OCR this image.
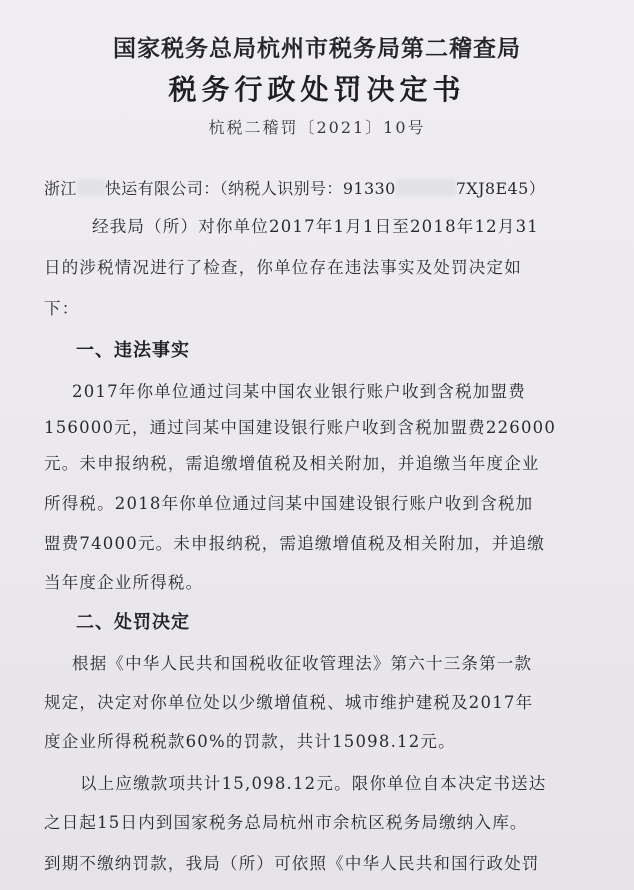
国家税务总局杭州市税务局第二稽查局
税务行政处罚决定书
杭税二稽罚〔2021〕10号
浙江 快运有限公司：（纳税人识别号：91330	7XJ8E45）
经我局（所）对你单位2017年1月1日至2018年12月31
日的涉税情况进行了检查，你单位存在违法事实及处罚决定如
下：
一、违法事实
2017年你单位通过闫某中国农业银行账户收到含税加盟费
156000元，通过闫某中国建设银行账户收到含税加盟费226000
元。未申报纳税，需追缴增值税及相关附加，并追缴当年度企业
所得税。2018年你单位通过闫某中国建设银行账户收到含税加
盟费74000元。未申报纳税，需追缴增值税及相关附加，并追缴
当年度企业所得税。
二、处罚决定
根据《中华人民共和国税收征收管理法》第六十三条第一款
规定，决定对你单位处以少缴增值税、城市维护建税及2017年
度企业所得税税款60%的罚款，共计15098.12元。
以上应缴款项共计15,098.12元。限你单位自本决定书送达
之日起15日内到国家税务总局杭州市余杭区税务局缴纳入库。
到期不缴纳罚款，我局（所）可依照《中华人民共和国行政处罚
